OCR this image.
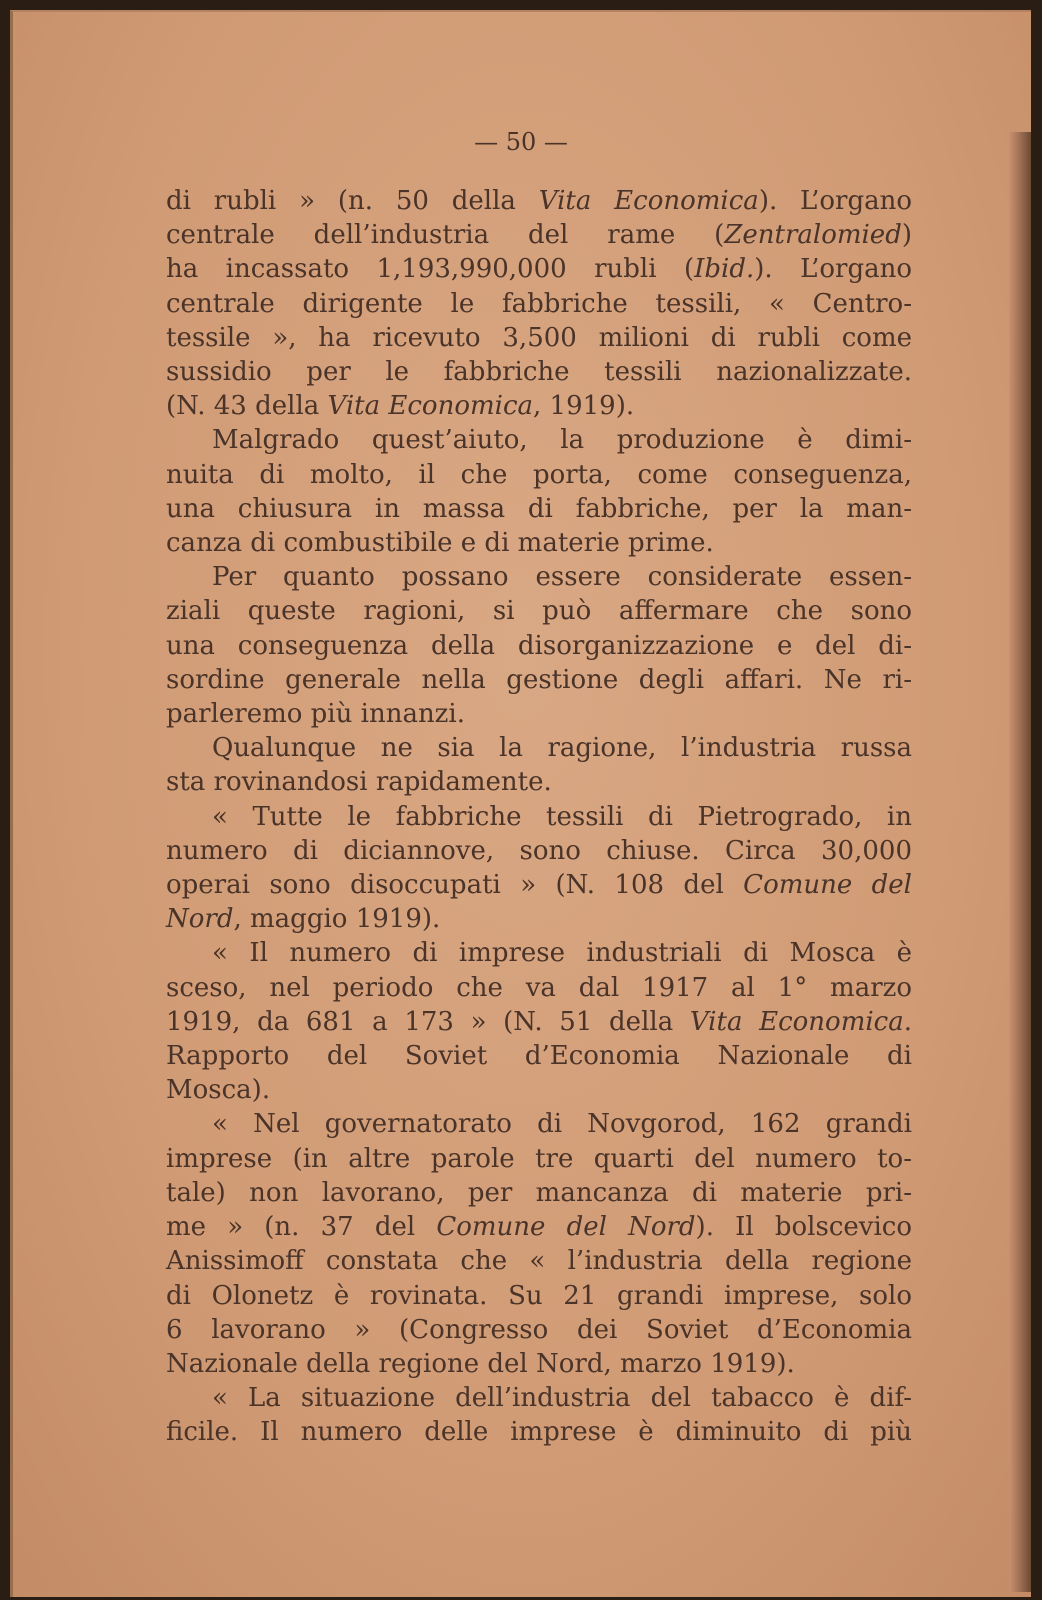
— 50 —
di rubli » (n. 50 della Vita Economica). L’organo
centrale dell’industria del rame (Zentralomied)
ha incassato 1,193,990,000 rubli (Ibid.). L’organo
centrale dirigente le fabbriche tessili, « Centro-
tessile », ha ricevuto 3,500 milioni di rubli come
sussidio per le fabbriche tessili nazionalizzate.
(N. 43 della Vita Economica, 1919).
Malgrado quest’aiuto, la produzione è dimi-
nuita di molto, il che porta, come conseguenza,
una chiusura in massa di fabbriche, per la man-
canza di combustibile e di materie prime.
Per quanto possano essere considerate essen-
ziali queste ragioni, si può affermare che sono
una conseguenza della disorganizzazione e del di-
sordine generale nella gestione degli affari. Ne ri-
parleremo più innanzi.
Qualunque ne sia la ragione, l’industria russa
sta rovinandosi rapidamente.
« Tutte le fabbriche tessili di Pietrogrado, in
numero di diciannove, sono chiuse. Circa 30,000
operai sono disoccupati » (N. 108 del Comune del
Nord, maggio 1919).
« Il numero di imprese industriali di Mosca è
sceso, nel periodo che va dal 1917 al 1° marzo
1919, da 681 a 173 » (N. 51 della Vita Economica.
Rapporto del Soviet d’Economia Nazionale di
Mosca).
« Nel governatorato di Novgorod, 162 grandi
imprese (in altre parole tre quarti del numero to-
tale) non lavorano, per mancanza di materie pri-
me » (n. 37 del Comune del Nord). Il bolscevico
Anissimoff constata che « l’industria della regione
di Olonetz è rovinata. Su 21 grandi imprese, solo
6 lavorano » (Congresso dei Soviet d’Economia
Nazionale della regione del Nord, marzo 1919).
« La situazione dell’industria del tabacco è dif-
ficile. Il numero delle imprese è diminuito di più
